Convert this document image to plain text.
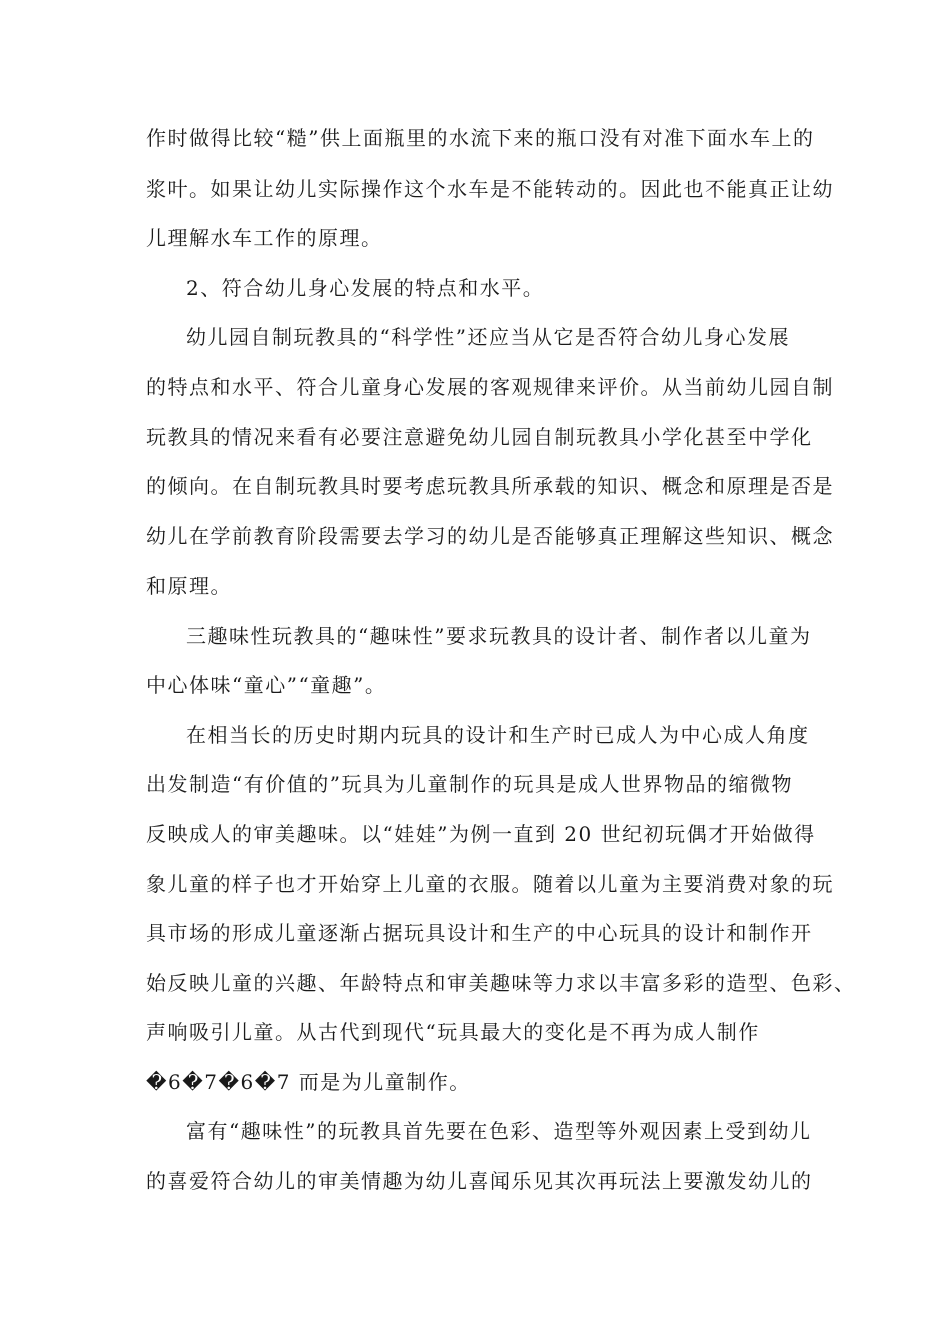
作时做得比较“糙”供上面瓶里的水流下来的瓶口没有对准下面水车上的
浆叶。如果让幼儿实际操作这个水车是不能转动的。因此也不能真正让幼
儿理解水车工作的原理。
2、符合幼儿身心发展的特点和水平。
幼儿园自制玩教具的“科学性”还应当从它是否符合幼儿身心发展
的特点和水平、符合儿童身心发展的客观规律来评价。从当前幼儿园自制
玩教具的情况来看有必要注意避免幼儿园自制玩教具小学化甚至中学化
的倾向。在自制玩教具时要考虑玩教具所承载的知识、概念和原理是否是
幼儿在学前教育阶段需要去学习的幼儿是否能够真正理解这些知识、概念
和原理。
三趣味性玩教具的“趣味性”要求玩教具的设计者、制作者以儿童为
中心体味“童心”“童趣”。
在相当长的历史时期内玩具的设计和生产时已成人为中心成人角度
出发制造“有价值的”玩具为儿童制作的玩具是成人世界物品的缩微物
反映成人的审美趣味。以“娃娃”为例一直到 20 世纪初玩偶才开始做得
象儿童的样子也才开始穿上儿童的衣服。随着以儿童为主要消费对象的玩
具市场的形成儿童逐渐占据玩具设计和生产的中心玩具的设计和制作开
始反映儿童的兴趣、年龄特点和审美趣味等力求以丰富多彩的造型、色彩、
声响吸引儿童。从古代到现代“玩具最大的变化是不再为成人制作
�6�7�6�7 而是为儿童制作。
富有“趣味性”的玩教具首先要在色彩、造型等外观因素上受到幼儿
的喜爱符合幼儿的审美情趣为幼儿喜闻乐见其次再玩法上要激发幼儿的
